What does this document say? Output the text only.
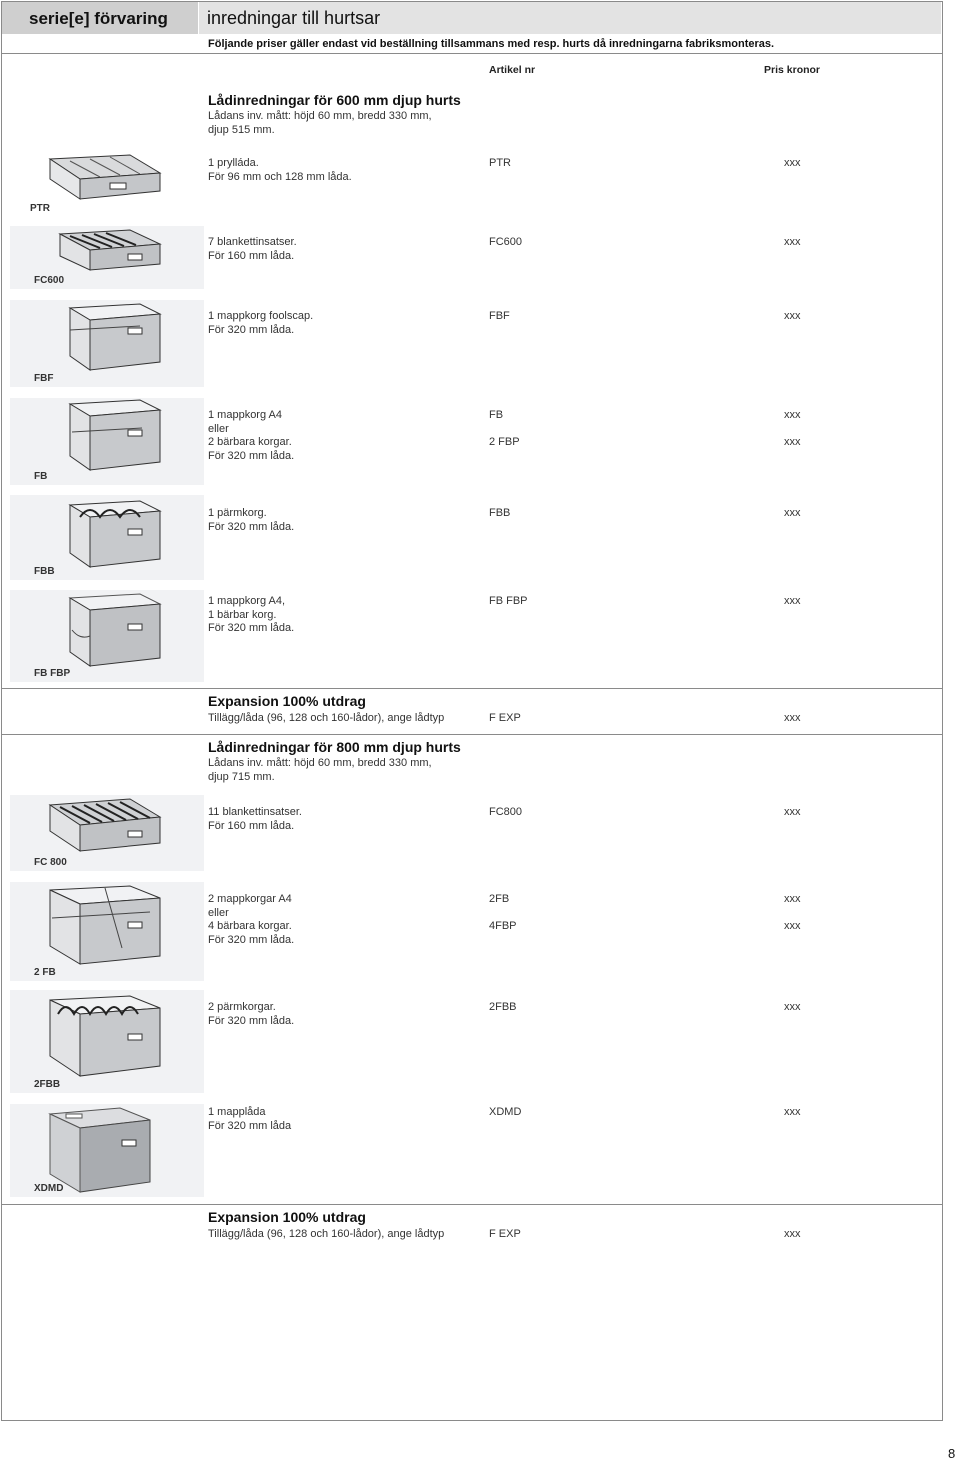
serie[e] förvaring inredningar till hurtsar
Följande priser gäller endast vid beställning tillsammans med resp. hurts då inredningarna fabriksmonteras.
Artikel nr	Pris kronor
Lådinredningar för 600 mm djup hurts
Lådans inv. mått: höjd 60 mm, bredd 330 mm,
djup 515 mm.
PTR
1 prylláda.
För 96 mm och 128 mm låda.
PTR	xxx
FC600
7 blankettinsatser.
För 160 mm låda.
FC600	xxx
FBF
1 mappkorg foolscap.
För 320 mm låda.
FBF	xxx
FB
1 mappkorg A4
eller
2 bärbara korgar.
För 320 mm låda.
FB	xxx
2 FBP	xxx
FBB
1 pärmkorg.
För 320 mm låda.
FBB	xxx
FB FBP
1 mappkorg A4,
1 bärbar korg.
För 320 mm låda.
FB FBP	xxx
Expansion 100% utdrag
Tillägg/låda (96, 128 och 160-lådor), ange lådtyp	F EXP	xxx
Lådinredningar för 800 mm djup hurts
Lådans inv. mått: höjd 60 mm, bredd 330 mm,
djup 715 mm.
FC 800
11 blankettinsatser.
För 160 mm låda.
FC800	xxx
2 FB
2 mappkorgar A4
eller
4 bärbara korgar.
För 320 mm låda.
2FB	xxx
4FBP	xxx
2FBB
2 pärmkorgar.
För 320 mm låda.
2FBB	xxx
XDMD
1 mapplåda
För 320 mm låda
XDMD	xxx
Expansion 100% utdrag
Tillägg/låda (96, 128 och 160-lådor), ange lådtyp	F EXP	xxx
8
